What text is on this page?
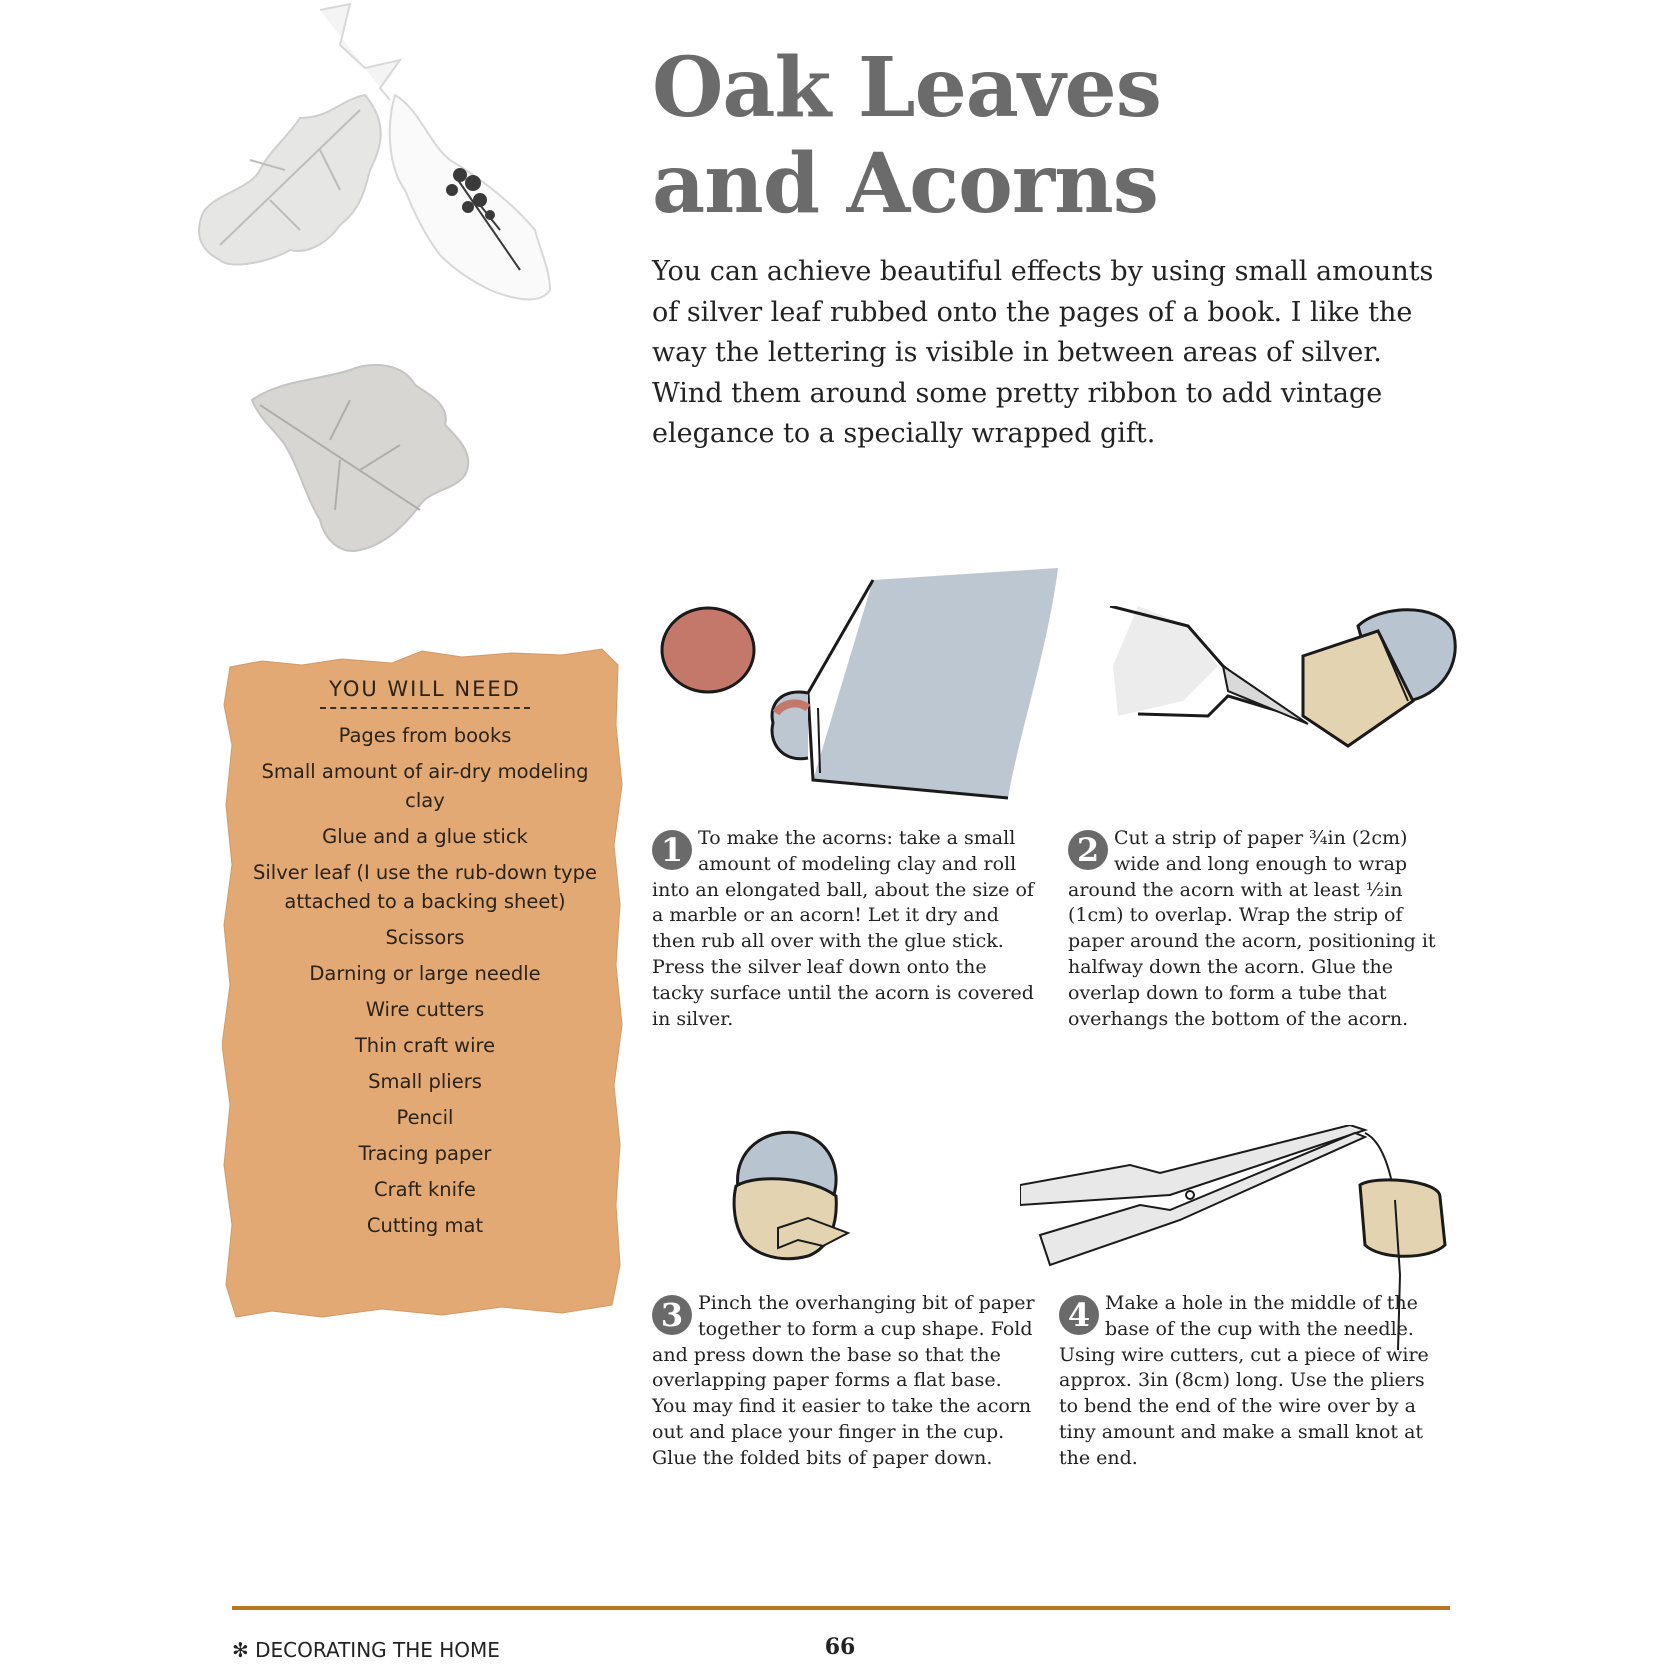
Oak Leaves
and Acorns

You can achieve beautiful effects by using small amounts of silver leaf rubbed onto the pages of a book. I like the way the lettering is visible in between areas of silver. Wind them around some pretty ribbon to add vintage elegance to a specially wrapped gift.

YOU WILL NEED
Pages from books
Small amount of air-dry modeling clay
Glue and a glue stick
Silver leaf (I use the rub-down type attached to a backing sheet)
Scissors
Darning or large needle
Wire cutters
Thin craft wire
Small pliers
Pencil
Tracing paper
Craft knife
Cutting mat
1 To make the acorns: take a small amount of modeling clay and roll into an elongated ball, about the size of a marble or an acorn! Let it dry and then rub all over with the glue stick. Press the silver leaf down onto the tacky surface until the acorn is covered in silver.
2 Cut a strip of paper ¾in (2cm) wide and long enough to wrap around the acorn with at least ½in (1cm) to overlap. Wrap the strip of paper around the acorn, positioning it halfway down the acorn. Glue the overlap down to form a tube that overhangs the bottom of the acorn.
3 Pinch the overhanging bit of paper together to form a cup shape. Fold and press down the base so that the overlapping paper forms a flat base. You may find it easier to take the acorn out and place your finger in the cup. Glue the folded bits of paper down.
4 Make a hole in the middle of the base of the cup with the needle. Using wire cutters, cut a piece of wire approx. 3in (8cm) long. Use the pliers to bend the end of the wire over by a tiny amount and make a small knot at the end.
✻ DECORATING THE HOME	66
